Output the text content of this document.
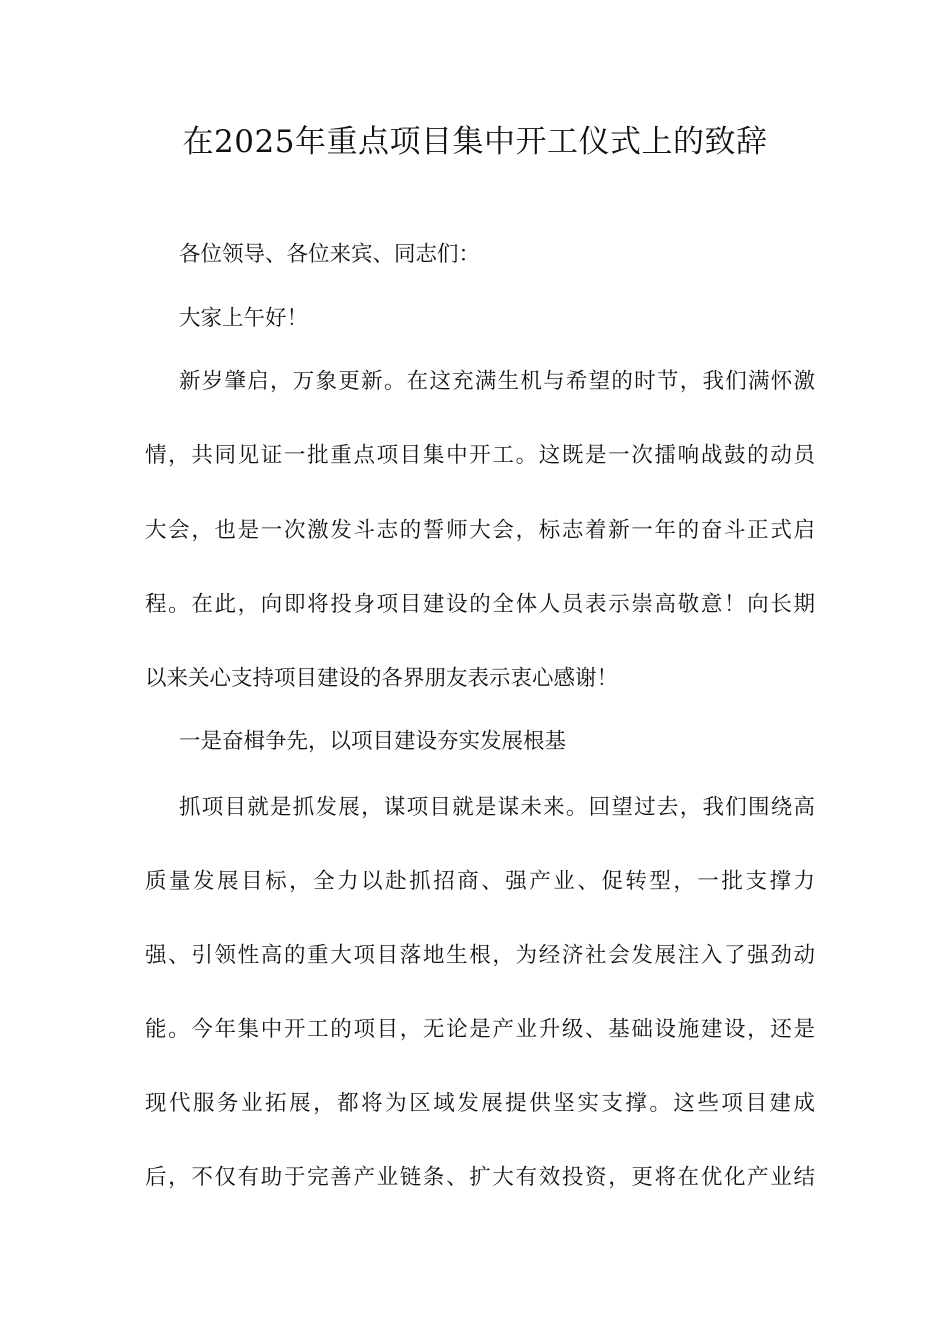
在2025年重点项目集中开工仪式上的致辞
各位领导、各位来宾、同志们：
大家上午好！
新岁肇启，万象更新。在这充满生机与希望的时节，我们满怀激
情，共同见证一批重点项目集中开工。这既是一次擂响战鼓的动员
大会，也是一次激发斗志的誓师大会，标志着新一年的奋斗正式启
程。在此，向即将投身项目建设的全体人员表示崇高敬意！向长期
以来关心支持项目建设的各界朋友表示衷心感谢！
一是奋楫争先，以项目建设夯实发展根基
抓项目就是抓发展，谋项目就是谋未来。回望过去，我们围绕高
质量发展目标，全力以赴抓招商、强产业、促转型，一批支撑力
强、引领性高的重大项目落地生根，为经济社会发展注入了强劲动
能。今年集中开工的项目，无论是产业升级、基础设施建设，还是
现代服务业拓展，都将为区域发展提供坚实支撑。这些项目建成
后，不仅有助于完善产业链条、扩大有效投资，更将在优化产业结
